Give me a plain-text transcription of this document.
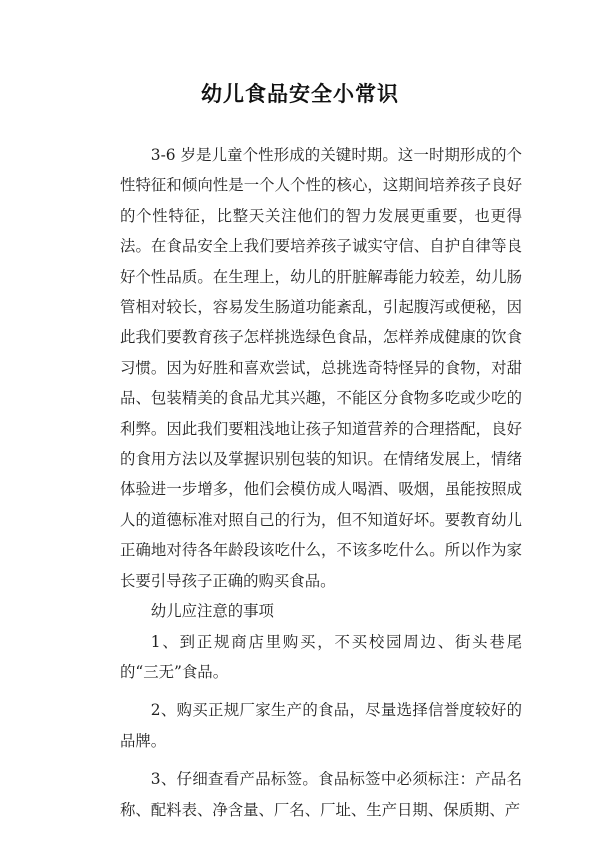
幼儿食品安全小常识

3-6 岁是儿童个性形成的关键时期。这一时期形成的个性特征和倾向性是一个人个性的核心，这期间培养孩子良好的个性特征，比整天关注他们的智力发展更重要，也更得法。在食品安全上我们要培养孩子诚实守信、自护自律等良好个性品质。在生理上，幼儿的肝脏解毒能力较差，幼儿肠管相对较长，容易发生肠道功能紊乱，引起腹泻或便秘，因此我们要教育孩子怎样挑选绿色食品，怎样养成健康的饮食习惯。因为好胜和喜欢尝试，总挑选奇特怪异的食物，对甜品、包装精美的食品尤其兴趣，不能区分食物多吃或少吃的利弊。因此我们要粗浅地让孩子知道营养的合理搭配，良好的食用方法以及掌握识别包装的知识。在情绪发展上，情绪体验进一步增多，他们会模仿成人喝酒、吸烟，虽能按照成人的道德标准对照自己的行为，但不知道好坏。要教育幼儿正确地对待各年龄段该吃什么，不该多吃什么。所以作为家长要引导孩子正确的购买食品。

幼儿应注意的事项

1、到正规商店里购买，不买校园周边、街头巷尾的“三无”食品。

2、购买正规厂家生产的食品，尽量选择信誉度较好的品牌。

3、仔细查看产品标签。食品标签中必须标注：产品名称、配料表、净含量、厂名、厂址、生产日期、保质期、产
